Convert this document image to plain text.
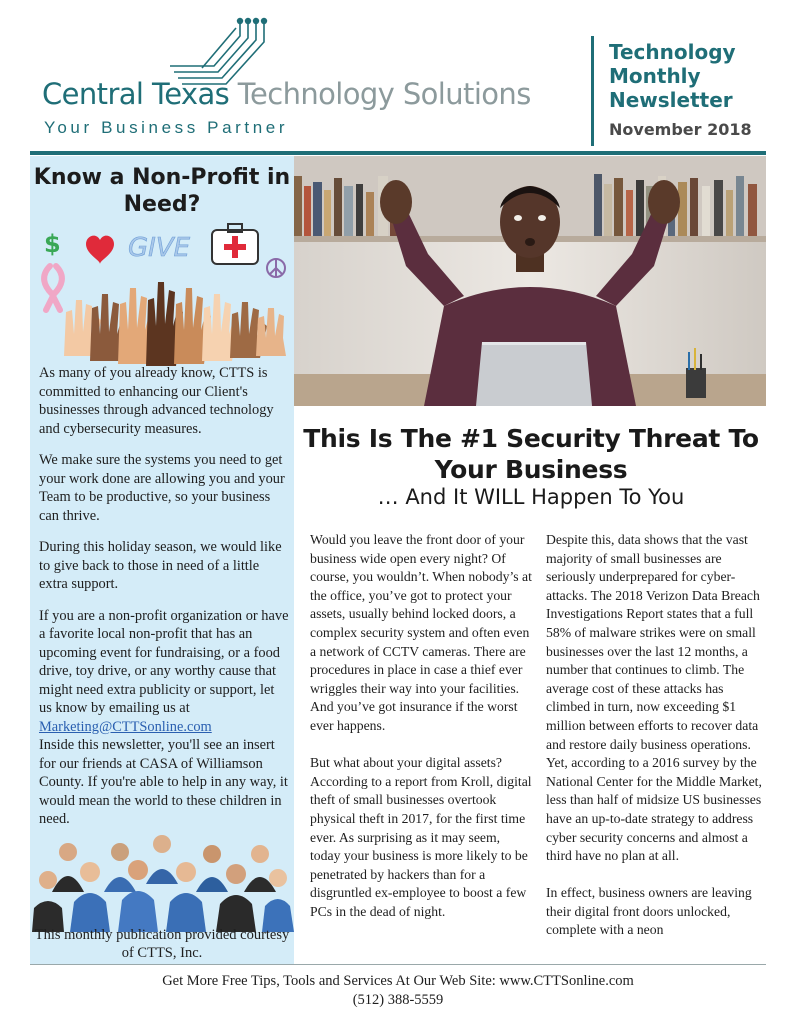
Central Texas Technology Solutions
Your Business Partner
Technology Monthly Newsletter
November 2018
Know a Non-Profit in Need?
$	GIVE

As many of you already know, CTTS is committed to enhancing our Client's businesses through advanced technology and cybersecurity measures.

We make sure the systems you need to get your work done are allowing you and your Team to be productive, so your business can thrive.

During this holiday season, we would like to give back to those in need of a little extra support.

If you are a non-profit organization or have a favorite local non-profit that has an upcoming event for fundraising, or a food drive, toy drive, or any worthy cause that might need extra publicity or support, let us know by emailing us at

Marketing@CTTSonline.com

Inside this newsletter, you'll see an insert for our friends at CASA of Williamson County. If you're able to help in any way, it would mean the world to these children in need.

This monthly publication provided courtesy of CTTS, Inc.
This Is The #1 Security Threat To Your Business
… And It WILL Happen To You

Would you leave the front door of your business wide open every night? Of course, you wouldn’t. When nobody’s at the office, you’ve got to protect your assets, usually behind locked doors, a complex security system and often even a network of CCTV cameras. There are procedures in place in case a thief ever wriggles their way into your facilities. And you’ve got insurance if the worst ever happens.

But what about your digital assets? According to a report from Kroll, digital theft of small businesses overtook physical theft in 2017, for the first time ever. As surprising as it may seem, today your business is more likely to be penetrated by hackers than for a disgruntled ex-employee to boost a few PCs in the dead of night.

Despite this, data shows that the vast majority of small businesses are seriously underprepared for cyber-attacks. The 2018 Verizon Data Breach Investigations Report states that a full 58% of malware strikes were on small businesses over the last 12 months, a number that continues to climb. The average cost of these attacks has climbed in turn, now exceeding $1 million between efforts to recover data and restore daily business operations. Yet, according to a 2016 survey by the National Center for the Middle Market, less than half of midsize US businesses have an up-to-date strategy to address cyber security concerns and almost a third have no plan at all.

In effect, business owners are leaving their digital front doors unlocked, complete with a neon

Get More Free Tips, Tools and Services At Our Web Site: www.CTTSonline.com
(512) 388-5559
